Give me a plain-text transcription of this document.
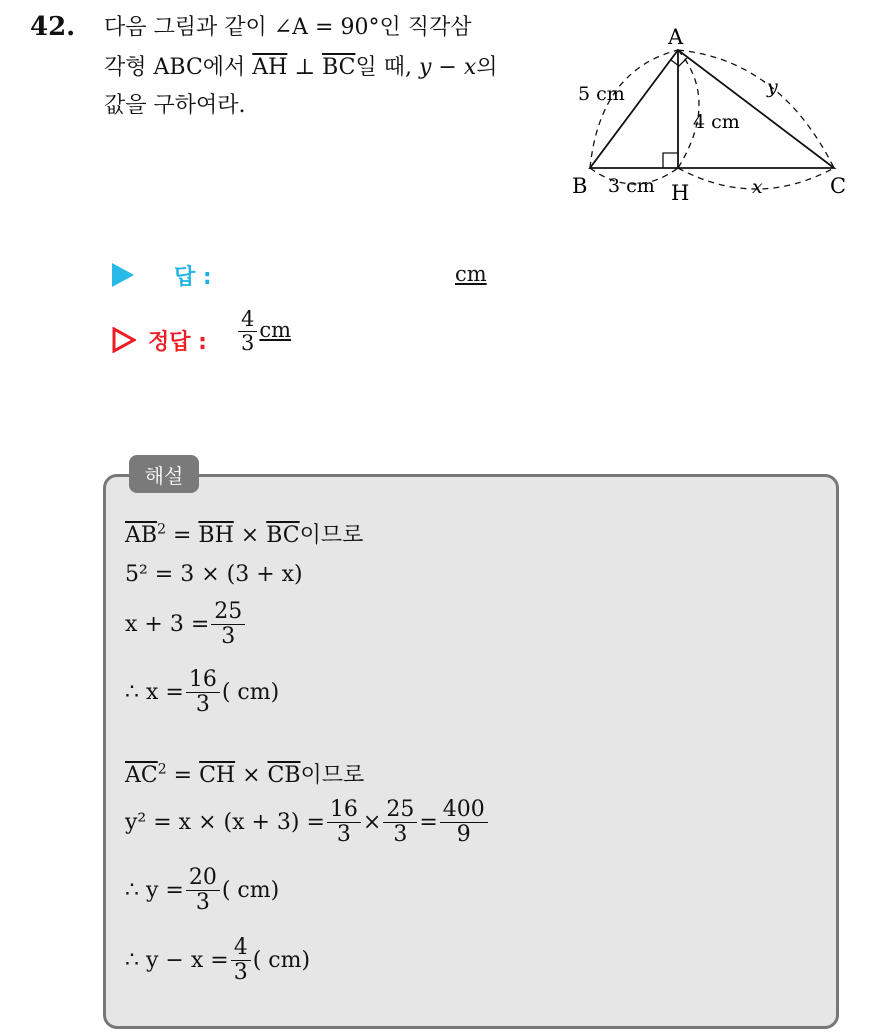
42. 다음 그림과 같이 ∠A = 90°인 직각삼
각형 ABC에서 $\overline{AH}$ ⊥ $\overline{BC}$일 때, y − x의
값을 구하여라.
A
B	C
H
5 cm
4 cm
3 cm	x
y
답 :	cm
정답 : $\frac{4}{3}$ cm
해설
$\overline{AB}^2 = \overline{BH} \times \overline{BC}$이므로
5² = 3 × (3 + x)
$x + 3 = \frac{25}{3}$
∴ $x = \frac{16}{3}$ ( cm)
$\overline{AC}^2 = \overline{CH} \times \overline{CB}$이므로
$y^2 = x \times (x + 3) = \frac{16}{3} \times \frac{25}{3} = \frac{400}{9}$
∴ $y = \frac{20}{3}$ ( cm)
∴ $y - x = \frac{4}{3}$ ( cm)
